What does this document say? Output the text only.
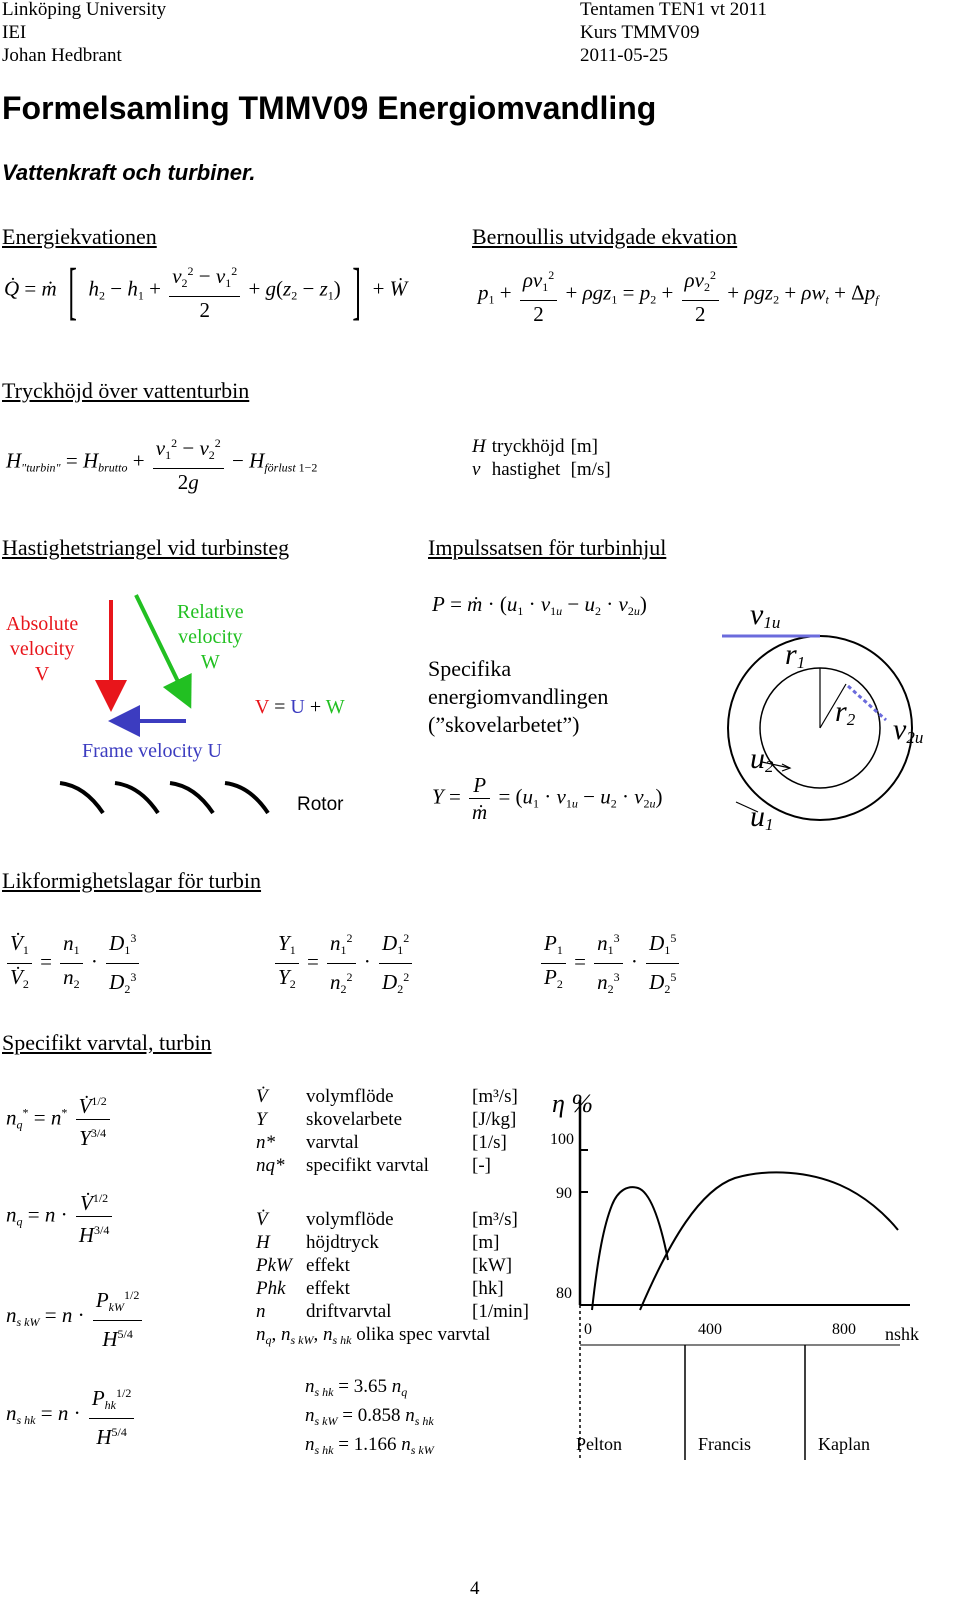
Linköping University
IEI
Johan Hedbrant
Tentamen TEN1 vt 2011
Kurs TMMV09
2011-05-25
Formelsamling TMMV09 Energiomvandling
Vattenkraft och turbiner.
Energiekvationen	Bernoullis utvidgade ekvation
Q̇ = ṁ [ $h_2 - h_1 + \frac{v_2^2 - v_1^2}{2} + g(z_2 - z_1)$ ] + Ẇ	$p_1 + \frac{\rho v_1^2}{2} + \rho gz_1 = p_2 + \frac{\rho v_2^2}{2} + \rho gz_2 + \rho w_t + \Delta p_f$
Tryckhöjd över vattenturbin
$H_{"turbin"} = H_{brutto} + \frac{v_1^2 - v_2^2}{2g} - H_{förlust 1-2}$
H	tryckhöjd	[m]
v	hastighet	[m/s]
Hastighetstriangel vid turbinsteg	Impulssatsen för turbinhjul
Absolute
velocity
V
Relative
velocity
W
Frame velocity U
V = U + W
Rotor
P = ṁ · $(u_1 \cdot v_{1u} - u_2 \cdot v_{2u})$
Specifika
energiomvandlingen
(”skovelarbetet”)
$Y = \frac{P}{\text{ṁ}} = (u_1 \cdot v_{1u} - u_2 \cdot v_{2u})$
$v_{1u}$
$r_1$
$r_2$ $v_{2u}$
$u_2$
$u_1$
Likformighetslagar för turbin
$\frac{V̇_1}{V̇_2} = \frac{n_1}{n_2} \cdot \frac{D_1^3}{D_2^3}$	$\frac{Y_1}{Y_2} = \frac{n_1^2}{n_2^2} \cdot \frac{D_1^2}{D_2^2}$	$\frac{P_1}{P_2} = \frac{n_1^3}{n_2^3} \cdot \frac{D_1^5}{D_2^5}$
Specifikt varvtal, turbin
$n_q^* = n^* \frac{V̇^{1/2}}{Y^{3/4}}$
$n_q = n \cdot \frac{V̇^{1/2}}{H^{3/4}}$
$n_{s kW} = n \cdot \frac{P_{kW}^{1/2}}{H^{5/4}}$
$n_{s hk} = n \cdot \frac{P_{hk}^{1/2}}{H^{5/4}}$
V̇	volymflöde	[m³/s]
Y	skovelarbete	[J/kg]
n*	varvtal	[1/s]
nq*	specifikt varvtal	[-]
V̇	volymflöde	[m³/s]
H	höjdtryck	[m]
PkW	effekt	[kW]
Phk	effekt	[hk]
n	driftvarvtal	[1/min]
$n_q$, $n_{s kW}$, $n_{s hk}$ olika spec varvtal
$n_{s hk} = 3.65$ $n_q$
$n_{s kW} = 0.858$ $n_{s hk}$
$n_{s hk} = 1.166$ $n_{s kW}$
η %
100
90
80
0	400	800 nshk
Pelton	Francis	Kaplan
4
